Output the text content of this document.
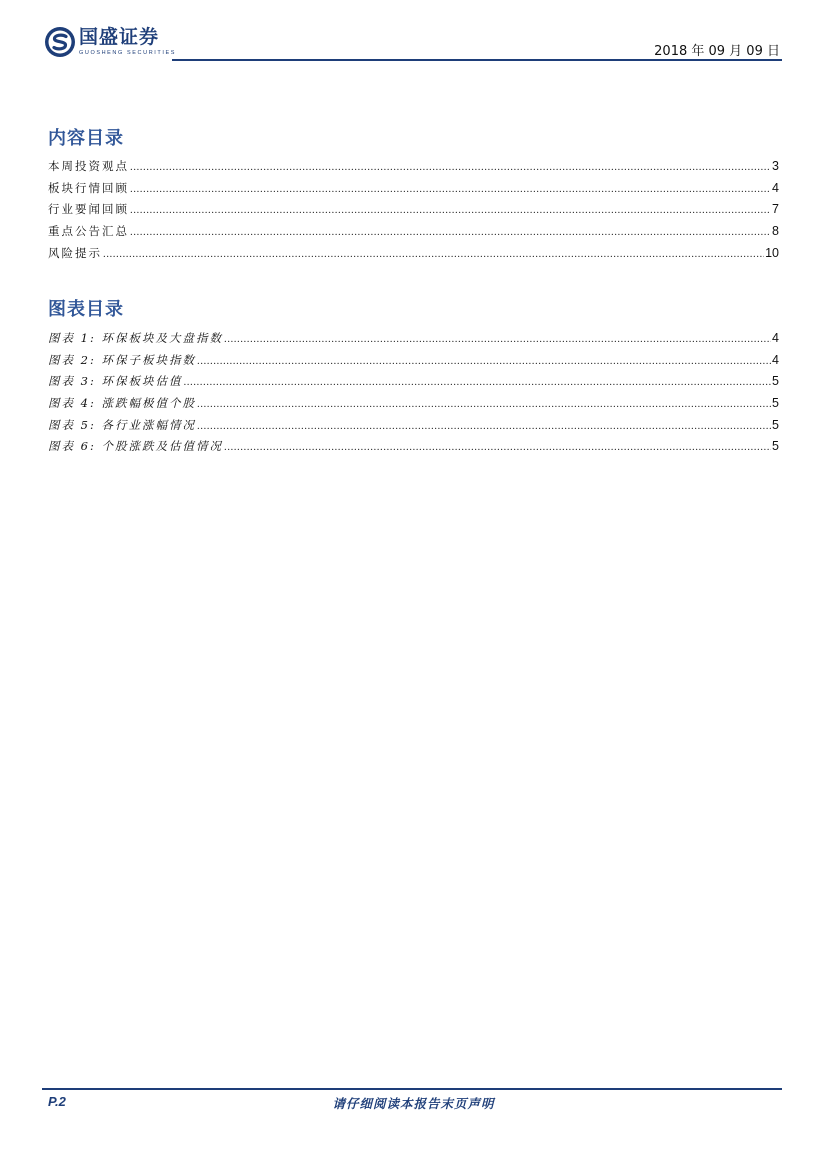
国盛证券
GUOSHENG SECURITIES	2018 年 09 月 09 日
内容目录
本周投资观点 .....	3
板块行情回顾 .....	4
行业要闻回顾 .....	7
重点公告汇总 .....	8
风险提示 .....	10
图表目录
图表 1: 环保板块及大盘指数 .....	4
图表 2: 环保子板块指数 .....	4
图表 3: 环保板块估值 .....	5
图表 4: 涨跌幅极值个股 .....	5
图表 5: 各行业涨幅情况 .....	5
图表 6: 个股涨跌及估值情况 .....	5
P.2	请仔细阅读本报告末页声明
